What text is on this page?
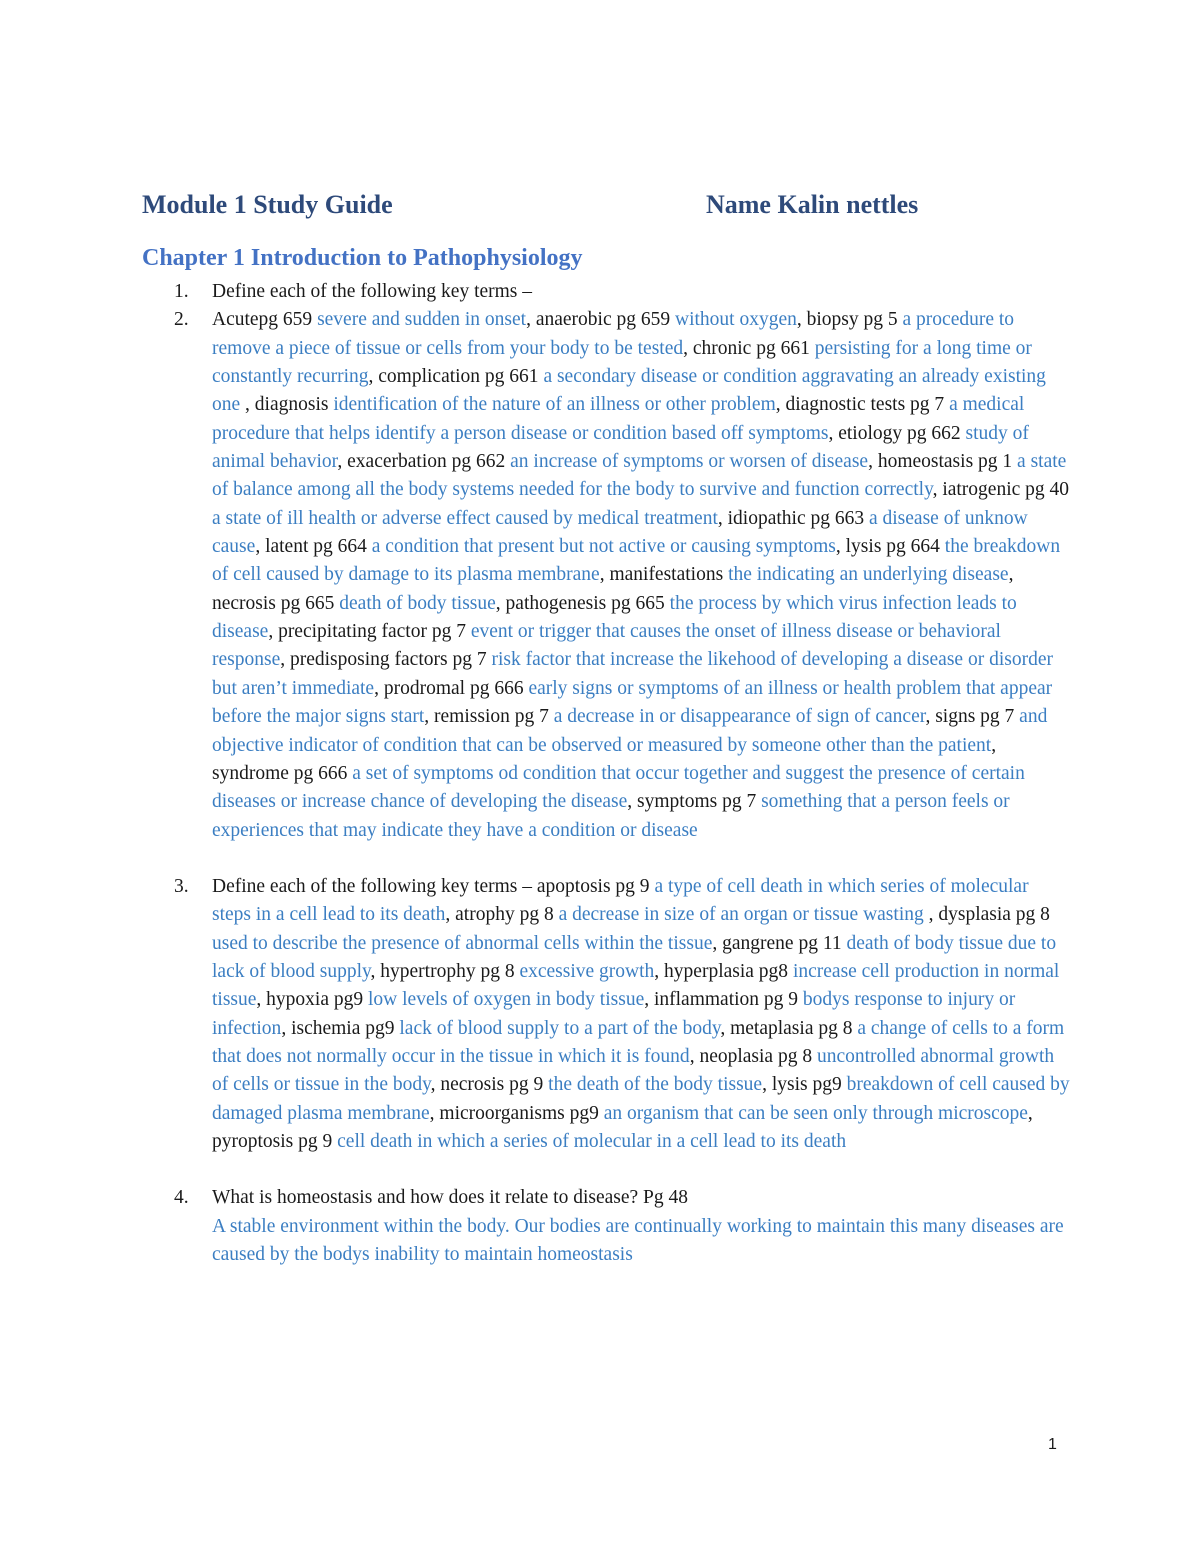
Module 1 Study Guide	Name Kalin nettles
Chapter 1 Introduction to Pathophysiology
1. Define each of the following key terms –
2. Acutepg 659 severe and sudden in onset, anaerobic pg 659 without oxygen, biopsy pg 5 a procedure to remove a piece of tissue or cells from your body to be tested, chronic pg 661 persisting for a long time or constantly recurring, complication pg 661 a secondary disease or condition aggravating an already existing one , diagnosis identification of the nature of an illness or other problem, diagnostic tests pg 7 a medical procedure that helps identify a person disease or condition based off symptoms, etiology pg 662 study of animal behavior, exacerbation pg 662 an increase of symptoms or worsen of disease, homeostasis pg 1 a state of balance among all the body systems needed for the body to survive and function correctly, iatrogenic pg 40 a state of ill health or adverse effect caused by medical treatment, idiopathic pg 663 a disease of unknow cause, latent pg 664 a condition that present but not active or causing symptoms, lysis pg 664 the breakdown of cell caused by damage to its plasma membrane, manifestations the indicating an underlying disease, necrosis pg 665 death of body tissue, pathogenesis pg 665 the process by which virus infection leads to disease, precipitating factor pg 7 event or trigger that causes the onset of illness disease or behavioral response, predisposing factors pg 7 risk factor that increase the likehood of developing a disease or disorder but aren’t immediate, prodromal pg 666 early signs or symptoms of an illness or health problem that appear before the major signs start, remission pg 7 a decrease in or disappearance of sign of cancer, signs pg 7 and objective indicator of condition that can be observed or measured by someone other than the patient, syndrome pg 666 a set of symptoms od condition that occur together and suggest the presence of certain diseases or increase chance of developing the disease, symptoms pg 7 something that a person feels or experiences that may indicate they have a condition or disease
3. Define each of the following key terms – apoptosis pg 9 a type of cell death in which series of molecular steps in a cell lead to its death, atrophy pg 8 a decrease in size of an organ or tissue wasting , dysplasia pg 8 used to describe the presence of abnormal cells within the tissue, gangrene pg 11 death of body tissue due to lack of blood supply, hypertrophy pg 8 excessive growth, hyperplasia pg8 increase cell production in normal tissue, hypoxia pg9 low levels of oxygen in body tissue, inflammation pg 9 bodys response to injury or infection, ischemia pg9 lack of blood supply to a part of the body, metaplasia pg 8 a change of cells to a form that does not normally occur in the tissue in which it is found, neoplasia pg 8 uncontrolled abnormal growth of cells or tissue in the body, necrosis pg 9 the death of the body tissue, lysis pg9 breakdown of cell caused by damaged plasma membrane, microorganisms pg9 an organism that can be seen only through microscope, pyroptosis pg 9 cell death in which a series of molecular in a cell lead to its death
4. What is homeostasis and how does it relate to disease? Pg 48
A stable environment within the body. Our bodies are continually working to maintain this many diseases are caused by the bodys inability to maintain homeostasis
1
